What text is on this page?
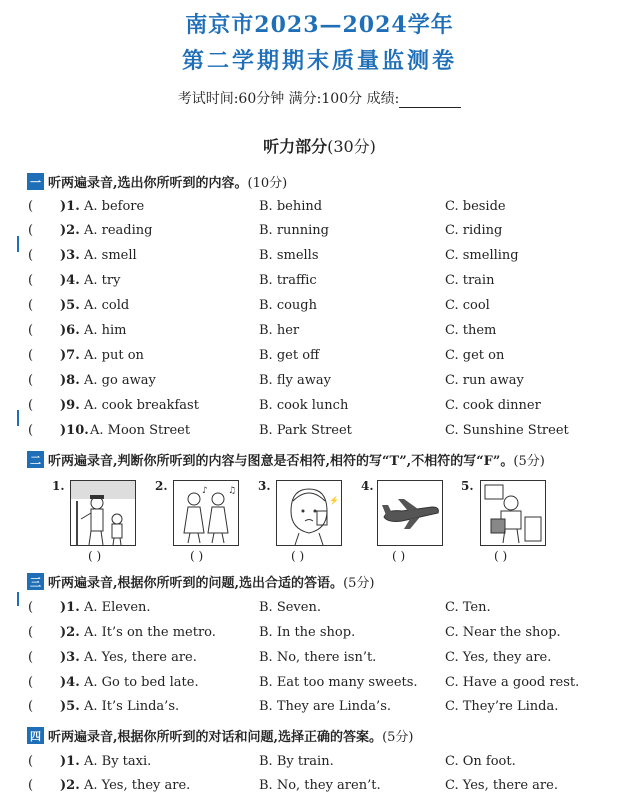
南京市2023—2024学年
第二学期期末质量监测卷
考试时间:60分钟 满分:100分 成绩:
听力部分(30分)
一 听两遍录音,选出你所听到的内容。 (10分)
( )1. A. before	B. behind	C. beside
( )2. A. reading	B. running	C. riding
( )3. A. smell	B. smells	C. smelling
( )4. A. try	B. traffic	C. train
( )5. A. cold	B. cough	C. cool
( )6. A. him	B. her	C. them
( )7. A. put on	B. get off	C. get on
( )8. A. go away	B. fly away	C. run away
( )9. A. cook breakfast	B. cook lunch	C. cook dinner
( )10. A. Moon Street	B. Park Street	C. Sunshine Street
二 听两遍录音,判断你所听到的内容与图意是否相符,相符的写“T”,不相符的写“F”。 (5分)
1.
( )
2.	♪ ♫
( )
3.
⚡
( )
4.
( )
5.
( )
三 听两遍录音,根据你所听到的问题,选出合适的答语。 (5分)
( )1. A. Eleven.	B. Seven.	C. Ten.
( )2. A. It’s on the metro.	B. In the shop.	C. Near the shop.
( )3. A. Yes, there are.	B. No, there isn’t.	C. Yes, they are.
( )4. A. Go to bed late.	B. Eat too many sweets. C. Have a good rest.
( )5. A. It’s Linda’s.	B. They are Linda’s.	C. They’re Linda.
四 听两遍录音,根据你所听到的对话和问题,选择正确的答案。 (5分)
( )1. A. By taxi.	B. By train.	C. On foot.
( )2. A. Yes, they are.	B. No, they aren’t.	C. Yes, there are.
